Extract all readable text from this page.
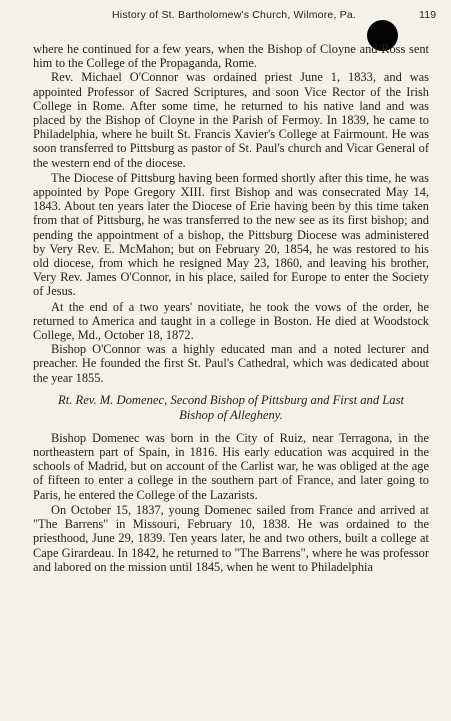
History of St. Bartholomew's Church, Wilmore, Pa.	119

where he continued for a few years, when the Bishop of Cloyne and Ross sent him to the College of the Propaganda, Rome.

Rev. Michael O'Connor was ordained priest June 1, 1833, and was appointed Professor of Sacred Scriptures, and soon Vice Rector of the Irish College in Rome. After some time, he returned to his native land and was placed by the Bishop of Cloyne in the Parish of Fermoy. In 1839, he came to Philadelphia, where he built St. Francis Xavier's College at Fairmount. He was soon transferred to Pittsburg as pastor of St. Paul's church and Vicar General of the western end of the diocese.

The Diocese of Pittsburg having been formed shortly after this time, he was appointed by Pope Gregory XIII. first Bishop and was consecrated May 14, 1843. About ten years later the Diocese of Erie having been by this time taken from that of Pittsburg, he was transferred to the new see as its first bishop; and pending the appointment of a bishop, the Pittsburg Diocese was administered by Very Rev. E. McMahon; but on February 20, 1854, he was restored to his old diocese, from which he resigned May 23, 1860, and leaving his brother, Very Rev. James O'Connor, in his place, sailed for Europe to enter the Society of Jesus.

At the end of a two years' novitiate, he took the vows of the order, he returned to America and taught in a college in Boston. He died at Woodstock College, Md., October 18, 1872.

Bishop O'Connor was a highly educated man and a noted lecturer and preacher. He founded the first St. Paul's Cathedral, which was dedicated about the year 1855.

Rt. Rev. M. Domenec, Second Bishop of Pittsburg and First and Last Bishop of Allegheny.

Bishop Domenec was born in the City of Ruiz, near Terragona, in the northeastern part of Spain, in 1816. His early education was acquired in the schools of Madrid, but on account of the Carlist war, he was obliged at the age of fifteen to enter a college in the southern part of France, and later going to Paris, he entered the College of the Lazarists.

On October 15, 1837, young Domenec sailed from France and arrived at "The Barrens" in Missouri, February 10, 1838. He was ordained to the priesthood, June 29, 1839. Ten years later, he and two others, built a college at Cape Girardeau. In 1842, he returned to "The Barrens", where he was professor and labored on the mission until 1845, when he went to Philadelphia
